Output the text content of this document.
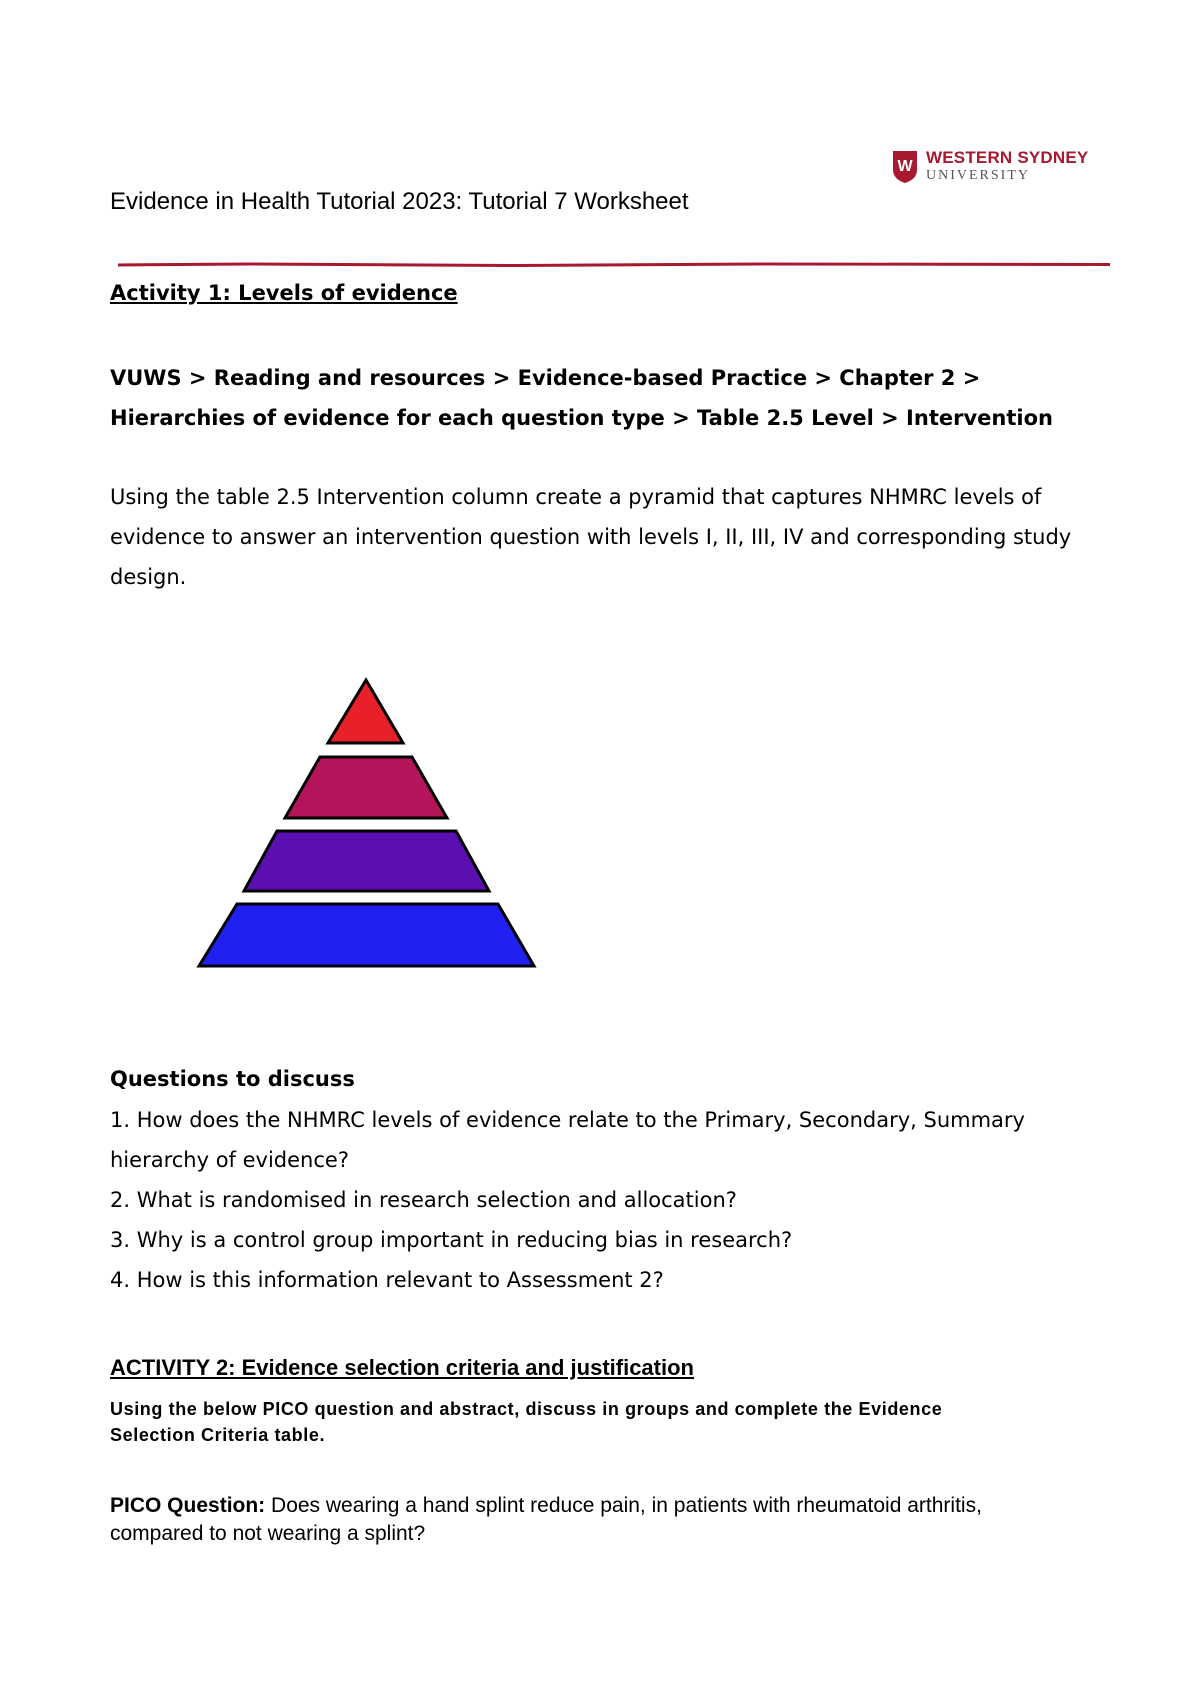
W WESTERN SYDNEY
UNIVERSITY
Evidence in Health Tutorial 2023: Tutorial 7 Worksheet
Activity 1: Levels of evidence
VUWS > Reading and resources > Evidence-based Practice > Chapter 2 > Hierarchies of evidence for each question type > Table 2.5 Level > Intervention
Using the table 2.5 Intervention column create a pyramid that captures NHMRC levels of evidence to answer an intervention question with levels I, II, III, IV and corresponding study design.
Questions to discuss
1. How does the NHMRC levels of evidence relate to the Primary, Secondary, Summary hierarchy of evidence?
2. What is randomised in research selection and allocation?
3. Why is a control group important in reducing bias in research?
4. How is this information relevant to Assessment 2?
ACTIVITY 2: Evidence selection criteria and justification
Using the below PICO question and abstract, discuss in groups and complete the Evidence Selection Criteria table.
PICO Question: Does wearing a hand splint reduce pain, in patients with rheumatoid arthritis, compared to not wearing a splint?
